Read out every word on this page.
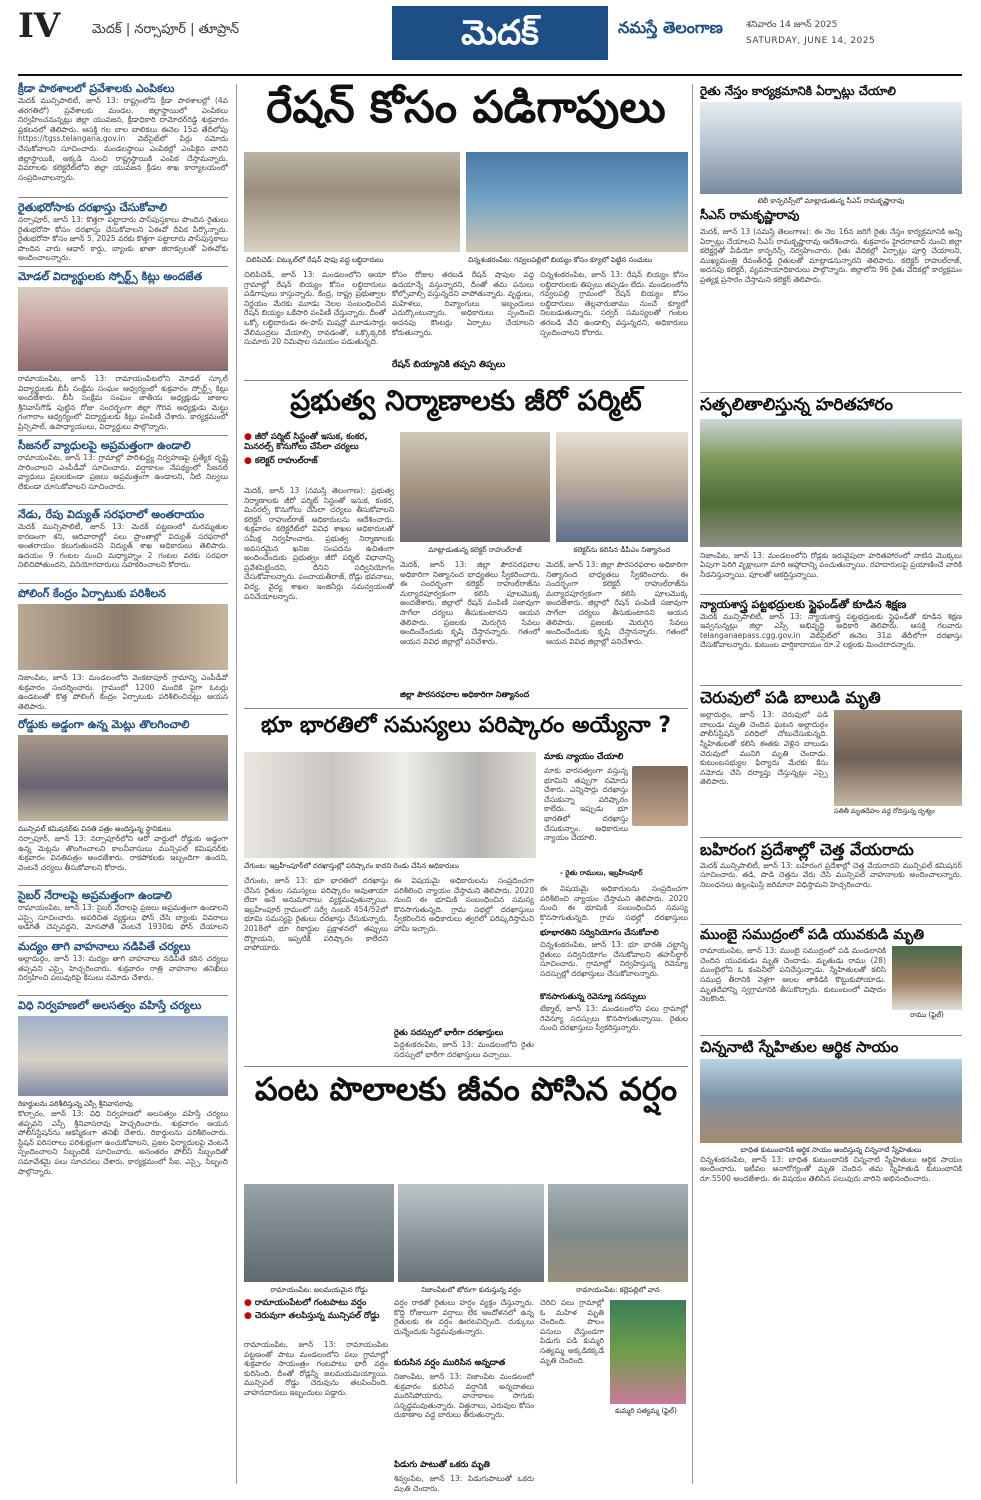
IV మెదక్ | నర్సాపూర్ | తూప్రాన్	మెదక్	నమస్తే తెలంగాణ	శనివారం 14 జూన్ 2025
SATURDAY, JUNE 14, 2025
క్రీడా పాఠశాలలో ప్రవేశాలకు ఎంపికలు
మెదక్ మున్సిపాలిటీ, జూన్ 13: రాష్ట్రంలోని క్రీడా పాఠశాలల్లో (4వ తరగతిలో) ప్రవేశాలకు మండల, జిల్లాస్థాయిలో ఎంపికలు నిర్వహించనున్నట్లు జిల్లా యువజన, క్రీడాధికారి దామోదర్‌రెడ్డి శుక్రవారం ప్రకటనలో తెలిపారు. ఆసక్తి గల బాల బాలికలు ఈనెల 15వ తేదీలోపు https://tgss.telangana.gov.in వెబ్‌సైట్‌లో పేర్లు నమోదు చేసుకోవాలని సూచించారు. మండలస్థాయి ఎంపికల్లో ఎంపికైన వారిని జిల్లాస్థాయికి, అక్కడి నుంచి రాష్ట్రస్థాయికి ఎంపిక చేస్తామన్నారు. వివరాలకు కలెక్టరేట్‌లోని జిల్లా యువజన క్రీడల శాఖ కార్యాలయంలో సంప్రదించాలన్నారు.
రైతుభరోసాకు దరఖాస్తు చేసుకోవాలి
నర్సాపూర్, జూన్ 13: కొత్తగా పట్టాదారు పాస్‌పుస్తకాలు పొందిన రైతులు రైతుభరోసా కోసం దరఖాస్తు చేసుకోవాలని ఏఈవో దీపిక పేర్కొన్నారు. రైతుభరోసా కోసం జూన్ 5, 2025 వరకు కొత్తగా పట్టాదారు పాస్‌పుస్తకాలు పొందిన వారు ఆధార్ కార్డు, బ్యాంకు ఖాతా జిరాక్సులతో ఏఈవోకు అందించాలన్నారు.
మోడల్ విద్యార్థులకు స్పోర్ట్స్ కిట్లు అందజేత
రామాయంపేట, జూన్ 13: రామాయంపేటలోని మోడల్ స్కూల్ విద్యార్థులకు బీసీ సంక్షేమ సంఘం ఆధ్వర్యంలో శుక్రవారం స్పోర్ట్స్ కిట్లు అందజేశారు. బీసీ సంక్షేమ సంఘం జాతీయ అధ్యక్షుడు జాజుల శ్రీనివాస్‌గౌడ్ పుట్టిన రోజు సందర్భంగా జిల్లా గౌరవ అధ్యక్షుడు మెట్టు గంగారాం ఆధ్వర్యంలో విద్యార్థులకు కిట్లు పంపిణీ చేశారు. కార్యక్రమంలో ప్రిన్సిపాల్, ఉపాధ్యాయులు, విద్యార్థులు పాల్గొన్నారు.
సీజనల్ వ్యాధులపై అప్రమత్తంగా ఉండాలి
రామాయంపేట, జూన్ 13: గ్రామాల్లో పారిశుద్ధ్య నిర్వహణపై ప్రత్యేక దృష్టి సారించాలని ఎంపీడీవో సూచించారు. వర్షాకాలం నేపథ్యంలో సీజనల్ వ్యాధులు ప్రబలకుండా ప్రజలు అప్రమత్తంగా ఉండాలని, నీటి నిల్వలు లేకుండా చూసుకోవాలని సూచించారు.
నేడు, రేపు విద్యుత్ సరఫరాలో అంతరాయం
మెదక్ మున్సిపాలిటీ, జూన్ 13: మెదక్ పట్టణంలో మరమ్మతుల కారణంగా శని, ఆదివారాల్లో పలు ప్రాంతాల్లో విద్యుత్ సరఫరాలో అంతరాయం కలుగుతుందని విద్యుత్ శాఖ అధికారులు తెలిపారు. ఉదయం 9 గంటల నుంచి మధ్యాహ్నం 2 గంటల వరకు సరఫరా నిలిచిపోతుందని, వినియోగదారులు సహకరించాలని కోరారు.
పోలింగ్ కేంద్రం ఏర్పాటుకు పరిశీలన
నిజాంపేట, జూన్ 13: మండలంలోని వెంకటాపూర్ గ్రామాన్ని ఎంపీడీవో శుక్రవారం సందర్శించారు. గ్రామంలో 1200 మందికి పైగా ఓటర్లు ఉండటంతో కొత్త పోలింగ్ కేంద్రం ఏర్పాటుకు పరిశీలించినట్లు ఆయన తెలిపారు.
రోడ్డుకు అడ్డంగా ఉన్న మెట్లు తొలగించాలి
మున్సిపల్ కమిషనర్‌కు వినతి పత్రం అందిస్తున్న స్థానికులు
నర్సాపూర్, జూన్ 13: నర్సాపూర్‌లోని ఆరో వార్డులో రోడ్డుకు అడ్డంగా ఉన్న మెట్లను తొలగించాలని కాలనీవాసులు మున్సిపల్ కమిషనర్‌కు శుక్రవారం వినతిపత్రం అందజేశారు. రాకపోకలకు ఇబ్బందిగా ఉందని, వెంటనే చర్యలు తీసుకోవాలని కోరారు.
సైబర్ నేరాలపై అప్రమత్తంగా ఉండాలి
రామాయంపేట, జూన్ 13: సైబర్ నేరాలపై ప్రజలు అప్రమత్తంగా ఉండాలని ఎస్సై సూచించారు. అపరిచిత వ్యక్తులు ఫోన్ చేసి బ్యాంకు వివరాలు అడిగితే చెప్పవద్దని, మోసపోతే వెంటనే 1930కు ఫోన్ చేయాలని
మద్యం తాగి వాహనాలు నడిపితే చర్యలు
అల్లాదుర్గం, జూన్ 13: మద్యం తాగి వాహనాలు నడిపితే కఠిన చర్యలు తప్పవని ఎస్సై హెచ్చరించారు. శుక్రవారం రాత్రి వాహనాల తనిఖీలు నిర్వహించి పలువురిపై కేసులు నమోదు చేశారు.
విధి నిర్వహణలో అలసత్వం వహిస్తే చర్యలు
రికార్డులను పరిశీలిస్తున్న ఎస్పీ శ్రీనివాసరావు
కొల్చారం, జూన్ 13: విధి నిర్వహణలో అలసత్వం వహిస్తే చర్యలు తప్పవని ఎస్పీ శ్రీనివాసరావు హెచ్చరించారు. శుక్రవారం ఆయన పోలీస్‌స్టేషన్‌ను ఆకస్మికంగా తనిఖీ చేశారు. రికార్డులను పరిశీలించారు. స్టేషన్ పరిసరాలు పరిశుభ్రంగా ఉంచుకోవాలని, ప్రజల ఫిర్యాదులపై వెంటనే స్పందించాలని సిబ్బందికి సూచించారు. అనంతరం పోలీస్ సిబ్బందితో సమావేశమై పలు సూచనలు చేశారు. కార్యక్రమంలో సీఐ, ఎస్సై, సిబ్బంది పాల్గొన్నారు.
రేషన్ కోసం పడిగాపులు
చిలిపిచెడ్: చిట్కుల్‌లో రేషన్ షాపు వద్ద లబ్ధిదారులు	చిన్నశంకరంపేట: గవ్వలపల్లిలో బియ్యం కోసం క్యూలో పెట్టిన సంచులు
చిలిపిచెడ్, జూన్ 13: మండలంలోని ఆయా గ్రామాల్లో రేషన్ బియ్యం కోసం లబ్ధిదారులు పడిగాపులు కాస్తున్నారు. కేంద్ర, రాష్ట్ర ప్రభుత్వాల నిర్ణయం మేరకు మూడు నెలల సంబంధించిన రేషన్ బియ్యం ఒకేసారి పంపిణీ చేస్తున్నారు. దీంతో ఒక్కో లబ్ధిదారుడు ఈ-పాస్ మిషన్లో మూడుసార్లు వేలిముద్రలు వేయాల్సి రావడంతో, ఒక్కొక్కరికి సుమారు 20 నిమిషాల సమయం పడుతున్నది.
కోసం రోజుల తరబడి రేషన్ షాపుల వద్ద ఉదయాన్నే వస్తున్నారని, దీంతో తమ పనులు కోల్పోవాల్సి వస్తున్నదని వాపోతున్నారు. వృద్ధులు, మహిళలు, దివ్యాంగులు ఇబ్బందులు ఎదుర్కొంటున్నారు. అధికారులు స్పందించి అదనపు కౌంటర్లు ఏర్పాటు చేయాలని కోరుతున్నారు.
రేషన్ బియ్యానికి తప్పని తిప్పలు
చిన్నశంకరంపేట, జూన్ 13: రేషన్ బియ్యం కోసం లబ్ధిదారులకు తిప్పలు తప్పడం లేదు. మండలంలోని గవ్వలపల్లి గ్రామంలో రేషన్ బియ్యం కోసం లబ్ధిదారులు తెల్లవారుజాము నుంచే క్యూలో నిలబడుతున్నారు. సర్వర్ సమస్యలతో గంటల తరబడి వేచి ఉండాల్సి వస్తున్నదని, అధికారులు స్పందించాలని కోరారు.
ప్రభుత్వ నిర్మాణాలకు జీరో పర్మిట్
● జీరో పర్మిట్ సిస్టంతో ఇసుక, కంకర, మినరల్స్ కొనుగోలు చేసేలా చర్యలు
● కలెక్టర్ రాహుల్‌రాజ్
మాట్లాడుతున్న కలెక్టర్ రాహుల్‌రాజ్	కలెక్టర్‌ను కలిసిన డీపీఎం నిత్యానంద
మెదక్, జూన్ 13 (నమస్తే తెలంగాణ): ప్రభుత్వ నిర్మాణాలకు జీరో పర్మిట్ సిస్టంతో ఇసుక, కంకర, మినరల్స్ కొనుగోలు చేసేలా చర్యలు తీసుకోవాలని కలెక్టర్ రాహుల్‌రాజ్ అధికారులను ఆదేశించారు. శుక్రవారం కలెక్టరేట్‌లో వివిధ శాఖల అధికారులతో సమీక్ష నిర్వహించారు. ప్రభుత్వ నిర్మాణాలకు అవసరమైన ఖనిజ సంపదను ఉచితంగా అందించేందుకు ప్రభుత్వం జీరో పర్మిట్ విధానాన్ని ప్రవేశపెట్టిందని, దీనిని సద్వినియోగం చేసుకోవాలన్నారు. పంచాయతీరాజ్, రోడ్లు భవనాలు, విద్య, వైద్య శాఖల ఇంజినీర్లు సమన్వయంతో పనిచేయాలన్నారు.
మెదక్, జూన్ 13: జిల్లా పౌరసరఫరాల అధికారిగా నిత్యానంద బాధ్యతలు స్వీకరించారు. ఈ సందర్భంగా కలెక్టర్ రాహుల్‌రాజ్‌ను మర్యాదపూర్వకంగా కలిసి పూలమొక్క అందజేశారు. జిల్లాలో రేషన్ పంపిణీ సజావుగా సాగేలా చర్యలు తీసుకుంటానని ఆయన తెలిపారు. ప్రజలకు మెరుగైన సేవలు అందించేందుకు కృషి చేస్తానన్నారు. గతంలో ఆయన వివిధ జిల్లాల్లో పనిచేశారు.
జిల్లా పౌరసరఫరాల అధికారిగా నిత్యానంద
మెదక్, జూన్ 13: జిల్లా పౌరసరఫరాల అధికారిగా నిత్యానంద బాధ్యతలు స్వీకరించారు. ఈ సందర్భంగా కలెక్టర్ రాహుల్‌రాజ్‌ను మర్యాదపూర్వకంగా కలిసి పూలమొక్క అందజేశారు. జిల్లాలో రేషన్ పంపిణీ సజావుగా సాగేలా చర్యలు తీసుకుంటానని ఆయన తెలిపారు. ప్రజలకు మెరుగైన సేవలు అందించేందుకు కృషి చేస్తానన్నారు. గతంలో ఆయన వివిధ జిల్లాల్లో పనిచేశారు.
భూ భారతిలో సమస్యలు పరిష్కారం అయ్యేనా ?
చేగుంట: ఇబ్రహీంపూర్‌లో దరఖాస్తుల్లో పరిష్కారం కాదని రెండు చేసిన అధికారులు
మాకు న్యాయం చేయాలి
మాకు వారసత్వంగా వస్తున్న భూమిని తప్పుగా నమోదు చేశారు. ఎన్నిసార్లు దరఖాస్తు చేసుకున్నా పరిష్కారం కాలేదు. ఇప్పుడు భూ భారతిలో దరఖాస్తు చేసుకున్నాం. అధికారులు న్యాయం చేయాలి.
- రైతు రాములు, ఇబ్రహీంపూర్
చేగుంట, జూన్ 13: భూ భారతిలో దరఖాస్తు చేసిన రైతుల సమస్యలు పరిష్కారం అవుతాయా లేదా అనే అనుమానాలు వ్యక్తమవుతున్నాయి. ఇబ్రహీంపూర్ గ్రామంలో సర్వే నంబర్ 454/52లో భూమి సమస్యపై రైతులు దరఖాస్తు చేసుకున్నారు. 2018లో భూ రికార్డుల ప్రక్షాళనలో తప్పులు దొర్లాయని, ఇప్పటికీ పరిష్కారం కాలేదని వాపోయారు.
ఈ విషయమై అధికారులను సంప్రదించగా పరిశీలించి న్యాయం చేస్తామని తెలిపారు. 2020 నుంచి ఈ భూమికి సంబంధించిన సమస్య కొనసాగుతున్నది. గ్రామ సభల్లో దరఖాస్తులు స్వీకరించిన అధికారులు త్వరలో పరిష్కరిస్తామని హామీ ఇచ్చారు.
రైతు సదస్సులో భారీగా దరఖాస్తులు
పెద్దశంకరంపేట, జూన్ 13: మండలంలోని రైతు సదస్సులో భారీగా దరఖాస్తులు వచ్చాయి.
ఈ విషయమై అధికారులను సంప్రదించగా పరిశీలించి న్యాయం చేస్తామని తెలిపారు. 2020 నుంచి ఈ భూమికి సంబంధించిన సమస్య కొనసాగుతున్నది. గ్రామ సభల్లో దరఖాస్తులు
భూభారతిని సద్వినియోగం చేసుకోవాలి
చిన్నశంకరంపేట, జూన్ 13: భూ భారతి చట్టాన్ని రైతులు సద్వినియోగం చేసుకోవాలని తహసీల్దార్ సూచించారు. గ్రామాల్లో నిర్వహిస్తున్న రెవెన్యూ సదస్సుల్లో దరఖాస్తులు చేసుకోవాలన్నారు.
కొనసాగుతున్న రెవెన్యూ సదస్సులు
టేక్మాల్, జూన్ 13: మండలంలోని పలు గ్రామాల్లో రెవెన్యూ సదస్సులు కొనసాగుతున్నాయి. రైతుల నుంచి దరఖాస్తులు స్వీకరిస్తున్నారు.
పంట పొలాలకు జీవం పోసిన వర్షం
రామాయంపేట: జలమయమైన రోడ్డు	నిజాంపేటలో జోరుగా కురుస్తున్న వర్షం	రామాయంపేట: కల్లెపల్లిలో వాన
● రామాయంపేటలో గంటపాటు వర్షం
● చెరువుగా తలపిస్తున్న మున్సిపల్ రోడ్డు
రామాయంపేట, జూన్ 13: రామాయంపేట పట్టణంతో పాటు మండలంలోని పలు గ్రామాల్లో శుక్రవారం సాయంత్రం గంటపాటు భారీ వర్షం కురిసింది. దీంతో రోడ్లన్నీ జలమయమయ్యాయి. మున్సిపల్ రోడ్డు చెరువును తలపించింది. వాహనదారులు ఇబ్బందులు పడ్డారు.
వర్షం రాకతో రైతులు హర్షం వ్యక్తం చేస్తున్నారు. కొద్ది రోజులుగా వర్షాలు లేక ఆందోళనలో ఉన్న రైతులకు ఈ వర్షం ఊరటనిచ్చింది. దుక్కులు దున్నేందుకు సిద్ధమవుతున్నారు.
కురుసిన వర్షం మురిసిన అన్నదాత
నిజాంపేట, జూన్ 13: నిజాంపేట మండలంలో శుక్రవారం కురిసిన వర్షానికి అన్నదాతలు మురిసిపోయారు. వానాకాలం సాగుకు సన్నద్ధమవుతున్నారు. విత్తనాలు, ఎరువుల కోసం దుకాణాల వద్ద బారులు తీరుతున్నారు.
పిడుగు పాటుతో ఒకరు మృతి
శివ్వంపేట, జూన్ 13: పిడుగుపాటుతో ఒకరు మృతి చెందారు.
చెరిచి పలు గ్రామాల్లో ఓ మహిళ మృతి చెందింది. పొలం పనులు చేస్తుండగా పిడుగు పడి కుమ్మరి సత్యమ్మ అక్కడికక్కడే మృతి చెందింది.
కుమ్మరి సత్యమ్మ (ఫైల్)
రైతు నేస్తం కార్యక్రమానికి ఏర్పాట్లు చేయాలి
టెలీ కాన్ఫరెన్స్‌లో మాట్లాడుతున్న సీఎస్ రామకృష్ణారావు
సీఎస్ రామకృష్ణారావు
మెదక్, జూన్ 13 (నమస్తే తెలంగాణ): ఈ నెల 16న జరిగే రైతు నేస్తం కార్యక్రమానికి అన్ని ఏర్పాట్లు చేయాలని సీఎస్ రామకృష్ణారావు ఆదేశించారు. శుక్రవారం హైదరాబాద్ నుంచి జిల్లా కలెక్టర్లతో వీడియో కాన్ఫరెన్స్ నిర్వహించారు. రైతు వేదికల్లో ఏర్పాట్లు పూర్తి చేయాలని, ముఖ్యమంత్రి రేవంత్‌రెడ్డి రైతులతో మాట్లాడనున్నారని తెలిపారు. కలెక్టర్ రాహుల్‌రాజ్, అదనపు కలెక్టర్, వ్యవసాయాధికారులు పాల్గొన్నారు. జిల్లాలోని 96 రైతు వేదికల్లో కార్యక్రమం ప్రత్యక్ష ప్రసారం చేస్తామని కలెక్టర్ తెలిపారు.
సత్ఫలితాలిస్తున్న హరితహారం
నిజాంపేట, జూన్ 13: మండలంలోని రోడ్లకు ఇరువైపులా హరితహారంలో నాటిన మొక్కలు ఏపుగా పెరిగి వృక్షాలుగా మారి ఆహ్లాదాన్ని పంచుతున్నాయి. రహదారులపై ప్రయాణించే వారికి నీడనిస్తున్నాయి. పూలతో ఆకర్షిస్తున్నాయి.
న్యాయశాస్త్ర పట్టభద్రులకు స్టైఫండ్‌తో కూడిన శిక్షణ
మెదక్ మున్సిపాలిటీ, జూన్ 13: న్యాయశాస్త్ర పట్టభద్రులకు స్టైఫండ్‌తో కూడిన శిక్షణ ఇవ్వనున్నట్లు జిల్లా ఎస్సీ అభివృద్ధి అధికారి తెలిపారు. ఆసక్తి గలవారు telanganaepass.cgg.gov.in వెబ్‌సైట్‌లో ఈనెల 31వ తేదీలోగా దరఖాస్తు చేసుకోవాలన్నారు. కుటుంబ వార్షికాదాయం రూ.2 లక్షలకు మించరాదన్నారు.
చెరువులో పడి బాలుడి మృతి
అల్లాదుర్గం, జూన్ 13: చెరువులో పడి బాలుడు మృతి చెందిన ఘటన అల్లాదుర్గం పోలీస్‌స్టేషన్ పరిధిలో చోటుచేసుకున్నది. స్నేహితులతో కలిసి ఈతకు వెళ్లిన బాలుడు చెరువులో మునిగి మృతి చెందాడు. కుటుంబసభ్యుల ఫిర్యాదు మేరకు కేసు నమోదు చేసి దర్యాప్తు చేస్తున్నట్లు ఎస్సై తెలిపారు.
పతితీ మృతదేహం వద్ద రోదిస్తున్న దృశ్యం
బహిరంగ ప్రదేశాల్లో చెత్త వేయరాదు
మెదక్ మున్సిపాలిటీ, జూన్ 13: బహిరంగ ప్రదేశాల్లో చెత్త వేయరాదని మున్సిపల్ కమిషనర్ సూచించారు. తడి, పొడి చెత్తను వేరు చేసి మున్సిపల్ వాహనాలకు అందించాలన్నారు. నిబంధనలు ఉల్లంఘిస్తే జరిమానా విధిస్తామని హెచ్చరించారు.
ముంబై సముద్రంలో పడి యువకుడి మృతి
రామాయంపేట, జూన్ 13: ముంబై సముద్రంలో పడి మండలానికి చెందిన యువకుడు మృతి చెందాడు. మృతుడు రాము (28) ముంబైలోని ఓ కంపెనీలో పనిచేస్తున్నాడు. స్నేహితులతో కలిసి సముద్ర తీరానికి వెళ్లగా అలల తాకిడికి కొట్టుకుపోయాడు. మృతదేహాన్ని స్వగ్రామానికి తీసుకొచ్చారు. కుటుంబంలో విషాదం నెలకొంది.
రాము (ఫైల్)
చిన్ననాటి స్నేహితుల ఆర్థిక సాయం
బాధిత కుటుంబానికి ఆర్థిక సాయం అందిస్తున్న చిన్ననాటి స్నేహితులు
చిన్నశంకరంపేట, జూన్ 13: బాధిత కుటుంబానికి చిన్ననాటి స్నేహితులు ఆర్థిక సాయం అందించారు. ఇటీవల అనారోగ్యంతో మృతి చెందిన తమ స్నేహితుడి కుటుంబానికి రూ.5500 అందజేశారు. ఈ విషయం తెలిసిన పలువురు వారిని అభినందించారు.
